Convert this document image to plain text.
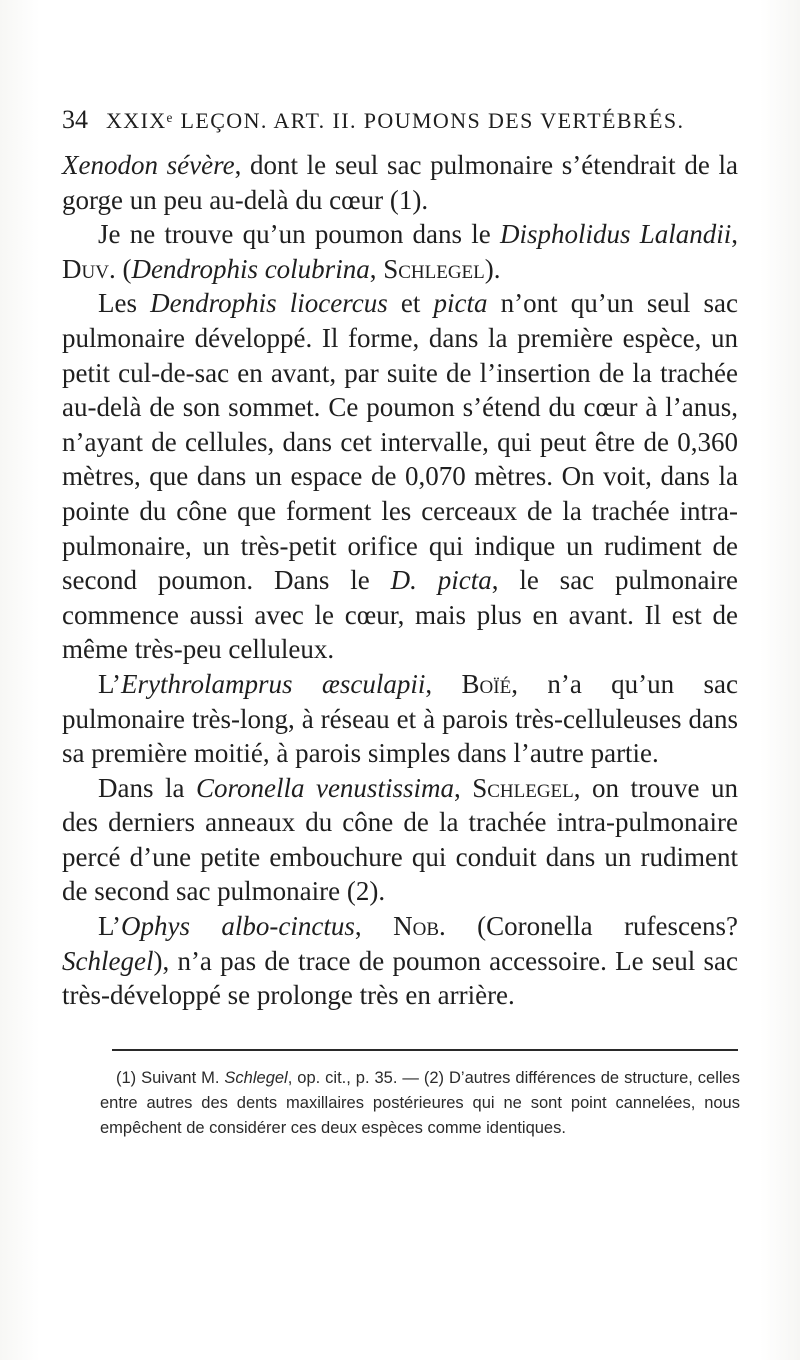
34 XXIXᵉ LEÇON. ART. II. POUMONS DES VERTÉBRÉS.

Xenodon sévère, dont le seul sac pulmonaire s’étendrait de la gorge un peu au-delà du cœur (1).

Je ne trouve qu’un poumon dans le Dispholidus Lalandii, Duv. (Dendrophis colubrina, Schlegel).

Les Dendrophis liocercus et picta n’ont qu’un seul sac pulmonaire développé. Il forme, dans la première espèce, un petit cul-de-sac en avant, par suite de l’insertion de la trachée au-delà de son sommet. Ce poumon s’étend du cœur à l’anus, n’ayant de cellules, dans cet intervalle, qui peut être de 0,360 mètres, que dans un espace de 0,070 mètres. On voit, dans la pointe du cône que forment les cerceaux de la trachée intra-pulmonaire, un très-petit orifice qui indique un rudiment de second poumon. Dans le D. picta, le sac pulmonaire commence aussi avec le cœur, mais plus en avant. Il est de même très-peu celluleux.

L’Erythrolamprus æsculapii, Boïé, n’a qu’un sac pulmonaire très-long, à réseau et à parois très-celluleuses dans sa première moitié, à parois simples dans l’autre partie.

Dans la Coronella venustissima, Schlegel, on trouve un des derniers anneaux du cône de la trachée intra-pulmonaire percé d’une petite embouchure qui conduit dans un rudiment de second sac pulmonaire (2).

L’Ophys albo-cinctus, Nob. (Coronella rufescens? Schlegel), n’a pas de trace de poumon accessoire. Le seul sac très-développé se prolonge très en arrière.

(1) Suivant M. Schlegel, op. cit., p. 35. — (2) D’autres différences de structure, celles entre autres des dents maxillaires postérieures qui ne sont point cannelées, nous empêchent de considérer ces deux espèces comme identiques.
